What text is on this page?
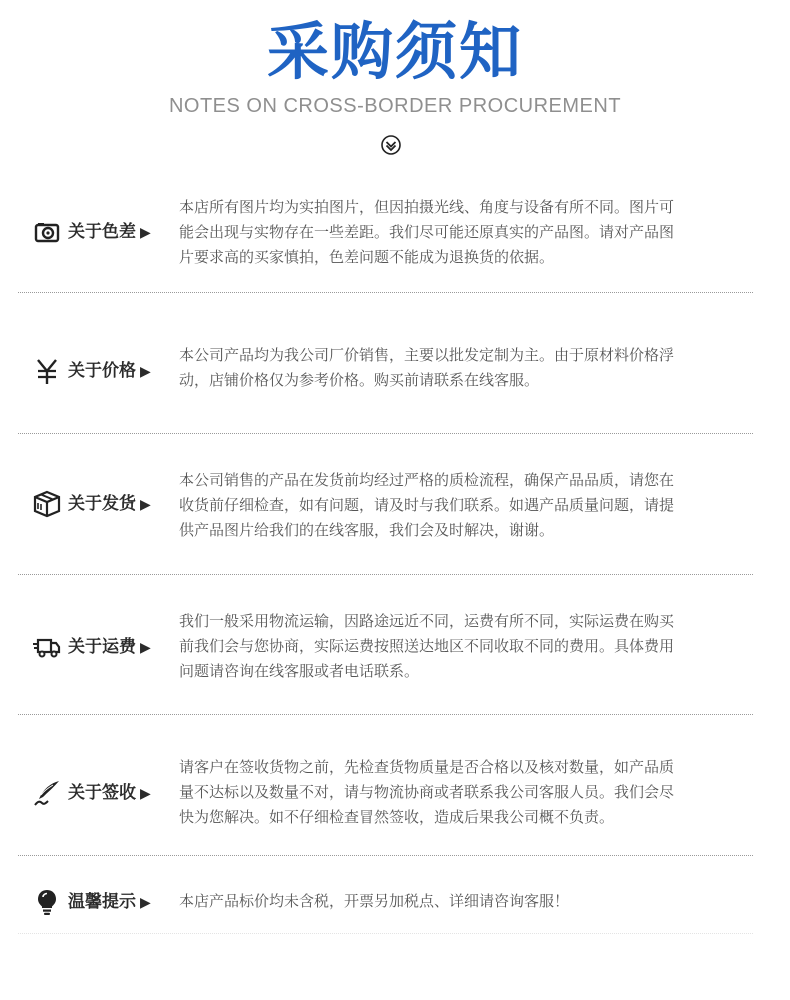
采购须知
NOTES ON CROSS-BORDER PROCUREMENT
关于色差 ▶
本店所有图片均为实拍图片，但因拍摄光线、角度与设备有所不同。图片可
能会出现与实物存在一些差距。我们尽可能还原真实的产品图。请对产品图
片要求高的买家慎拍，色差问题不能成为退换货的依据。
关于价格 ▶
本公司产品均为我公司厂价销售，主要以批发定制为主。由于原材料价格浮
动，店铺价格仅为参考价格。购买前请联系在线客服。
关于发货 ▶
本公司销售的产品在发货前均经过严格的质检流程，确保产品品质，请您在
收货前仔细检查，如有问题，请及时与我们联系。如遇产品质量问题，请提
供产品图片给我们的在线客服，我们会及时解决，谢谢。
关于运费 ▶
我们一般采用物流运输，因路途远近不同，运费有所不同，实际运费在购买
前我们会与您协商，实际运费按照送达地区不同收取不同的费用。具体费用
问题请咨询在线客服或者电话联系。
关于签收 ▶
请客户在签收货物之前，先检查货物质量是否合格以及核对数量，如产品质
量不达标以及数量不对，请与物流协商或者联系我公司客服人员。我们会尽
快为您解决。如不仔细检查冒然签收，造成后果我公司概不负责。
温馨提示 ▶ 本店产品标价均未含税，开票另加税点、详细请咨询客服！
